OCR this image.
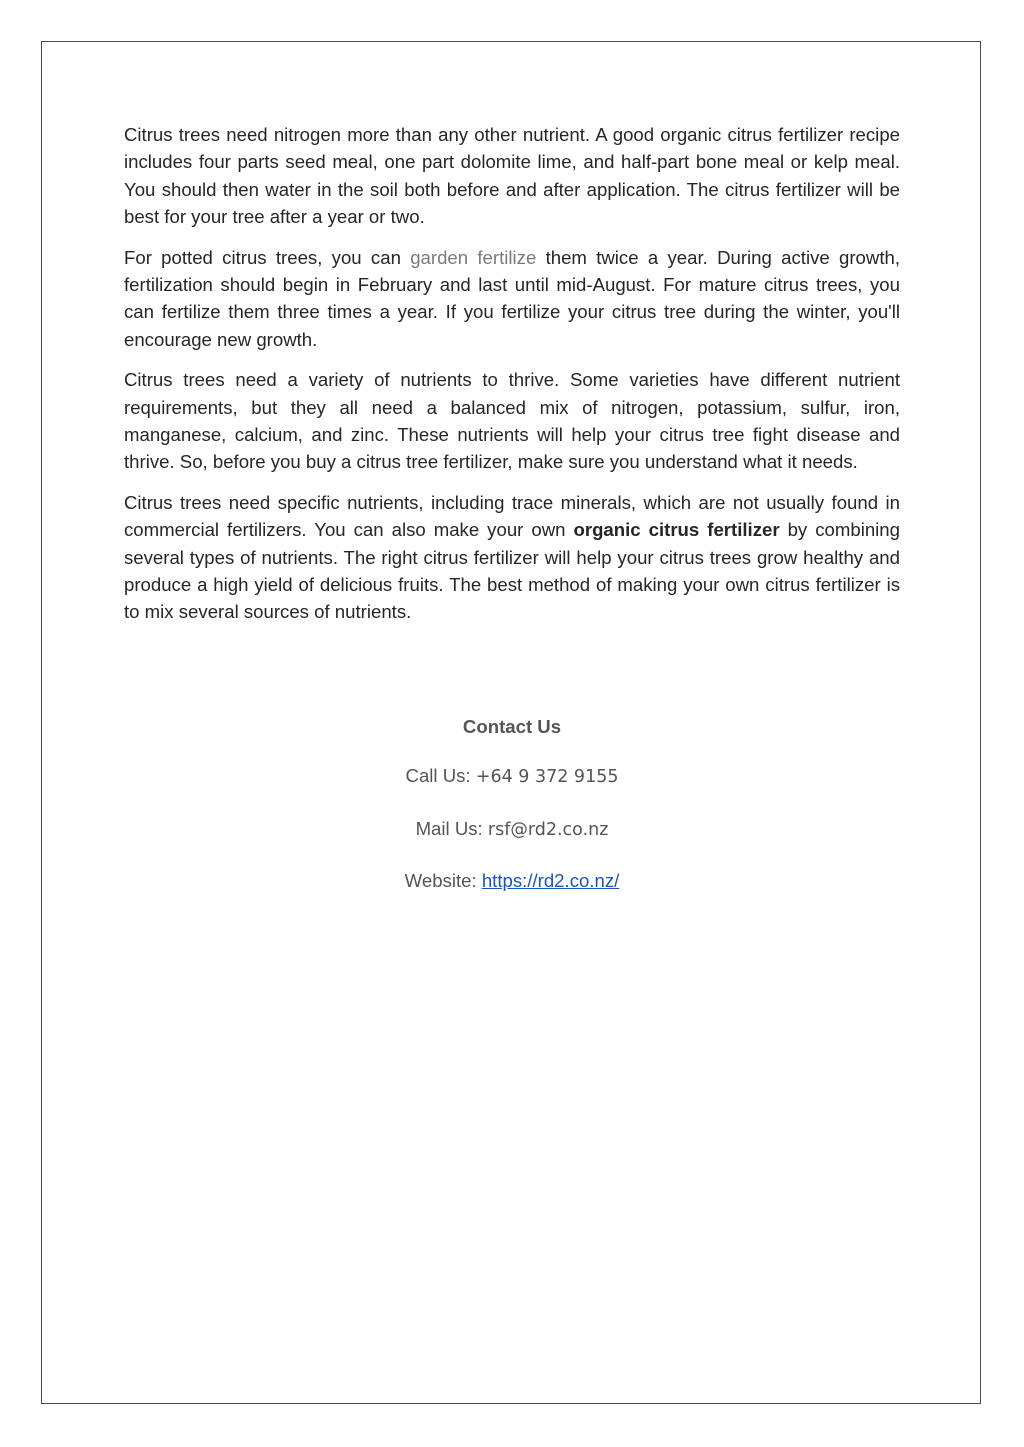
Citrus trees need nitrogen more than any other nutrient. A good organic citrus fertilizer recipe includes four parts seed meal, one part dolomite lime, and half-part bone meal or kelp meal. You should then water in the soil both before and after application. The citrus fertilizer will be best for your tree after a year or two.

For potted citrus trees, you can garden fertilize them twice a year. During active growth, fertilization should begin in February and last until mid-August. For mature citrus trees, you can fertilize them three times a year. If you fertilize your citrus tree during the winter, you'll encourage new growth.

Citrus trees need a variety of nutrients to thrive. Some varieties have different nutrient requirements, but they all need a balanced mix of nitrogen, potassium, sulfur, iron, manganese, calcium, and zinc. These nutrients will help your citrus tree fight disease and thrive. So, before you buy a citrus tree fertilizer, make sure you understand what it needs.

Citrus trees need specific nutrients, including trace minerals, which are not usually found in commercial fertilizers. You can also make your own organic citrus fertilizer by combining several types of nutrients. The right citrus fertilizer will help your citrus trees grow healthy and produce a high yield of delicious fruits. The best method of making your own citrus fertilizer is to mix several sources of nutrients.

Contact Us
Call Us: +64 9 372 9155
Mail Us: rsf@rd2.co.nz
Website: https://rd2.co.nz/
